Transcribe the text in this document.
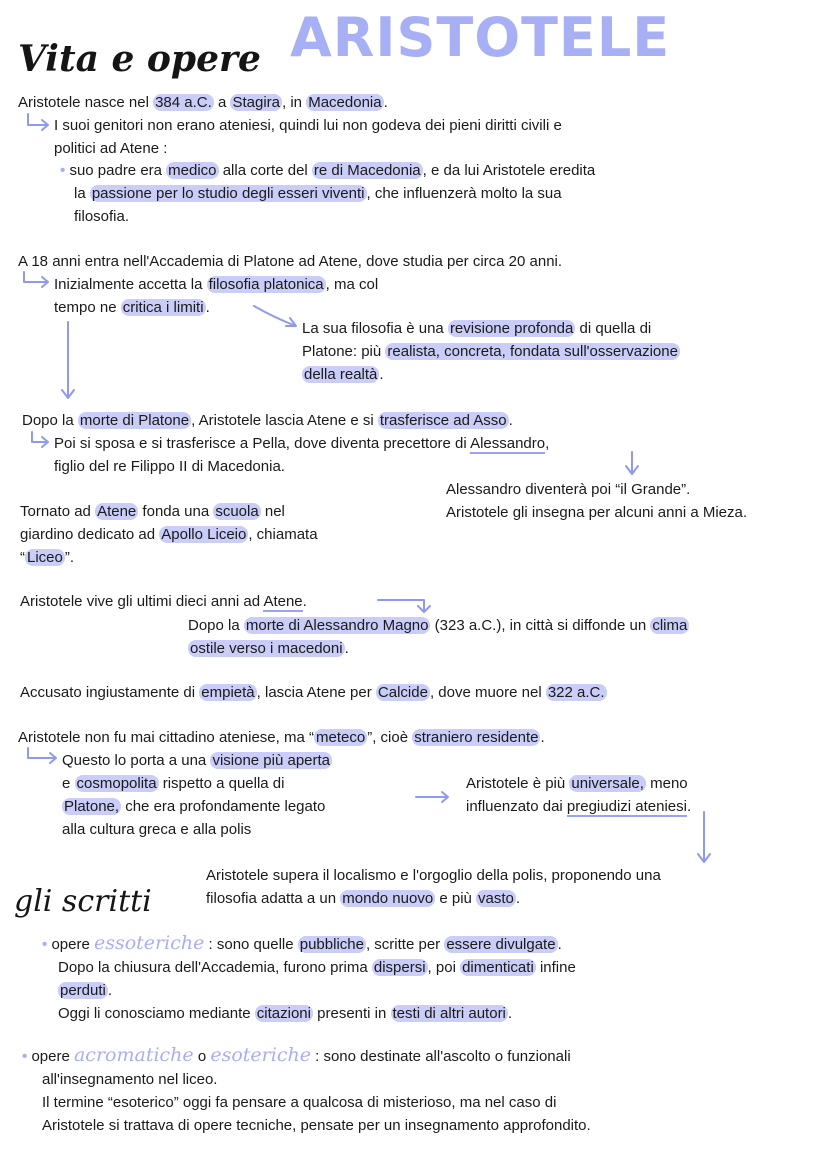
ARISTOTELE
Vita e opere
Aristotele nasce nel 384 a.C. a Stagira , in Macedonia .
I suoi genitori non erano ateniesi, quindi lui non godeva dei pieni diritti civili e
politici ad Atene :
• suo padre era medico alla corte del re di Macedonia , e da lui Aristotele eredita
la passione per lo studio degli esseri viventi , che influenzerà molto la sua
filosofia.
A 18 anni entra nell'Accademia di Platone ad Atene, dove studia per circa 20 anni.
Inizialmente accetta la filosofia platonica , ma col
tempo ne critica i limiti .
La sua filosofia è una revisione profonda di quella di
Platone: più realista, concreta, fondata sull'osservazione
della realtà .
Dopo la morte di Platone , Aristotele lascia Atene e si trasferisce ad Asso .
Poi si sposa e si trasferisce a Pella, dove diventa precettore di Alessandro,
figlio del re Filippo II di Macedonia.
Alessandro diventerà poi “il Grande”.
Aristotele gli insegna per alcuni anni a Mieza.
Tornato ad Atene fonda una scuola nel
giardino dedicato ad Apollo Liceio , chiamata
“ Liceo ”.
Aristotele vive gli ultimi dieci anni ad Atene.
Dopo la morte di Alessandro Magno (323 a.C.), in città si diffonde un clima
ostile verso i macedoni .
Accusato ingiustamente di empietà , lascia Atene per Calcide , dove muore nel 322 a.C.
Aristotele non fu mai cittadino ateniese, ma “ meteco ”, cioè straniero residente .
Questo lo porta a una visione più aperta
e cosmopolita rispetto a quella di
Platone, che era profondamente legato
alla cultura greca e alla polis
Aristotele è più universale, meno
influenzato dai pregiudizi ateniesi.
Aristotele supera il localismo e l'orgoglio della polis, proponendo una
filosofia adatta a un mondo nuovo e più vasto .
gli scritti
• opere essoteriche : sono quelle pubbliche , scritte per essere divulgate .
Dopo la chiusura dell'Accademia, furono prima dispersi , poi dimenticati infine
perduti .
Oggi li conosciamo mediante citazioni presenti in testi di altri autori .
• opere acromatiche o esoteriche : sono destinate all'ascolto o funzionali
all'insegnamento nel liceo.
Il termine “esoterico” oggi fa pensare a qualcosa di misterioso, ma nel caso di
Aristotele si trattava di opere tecniche, pensate per un insegnamento approfondito.
